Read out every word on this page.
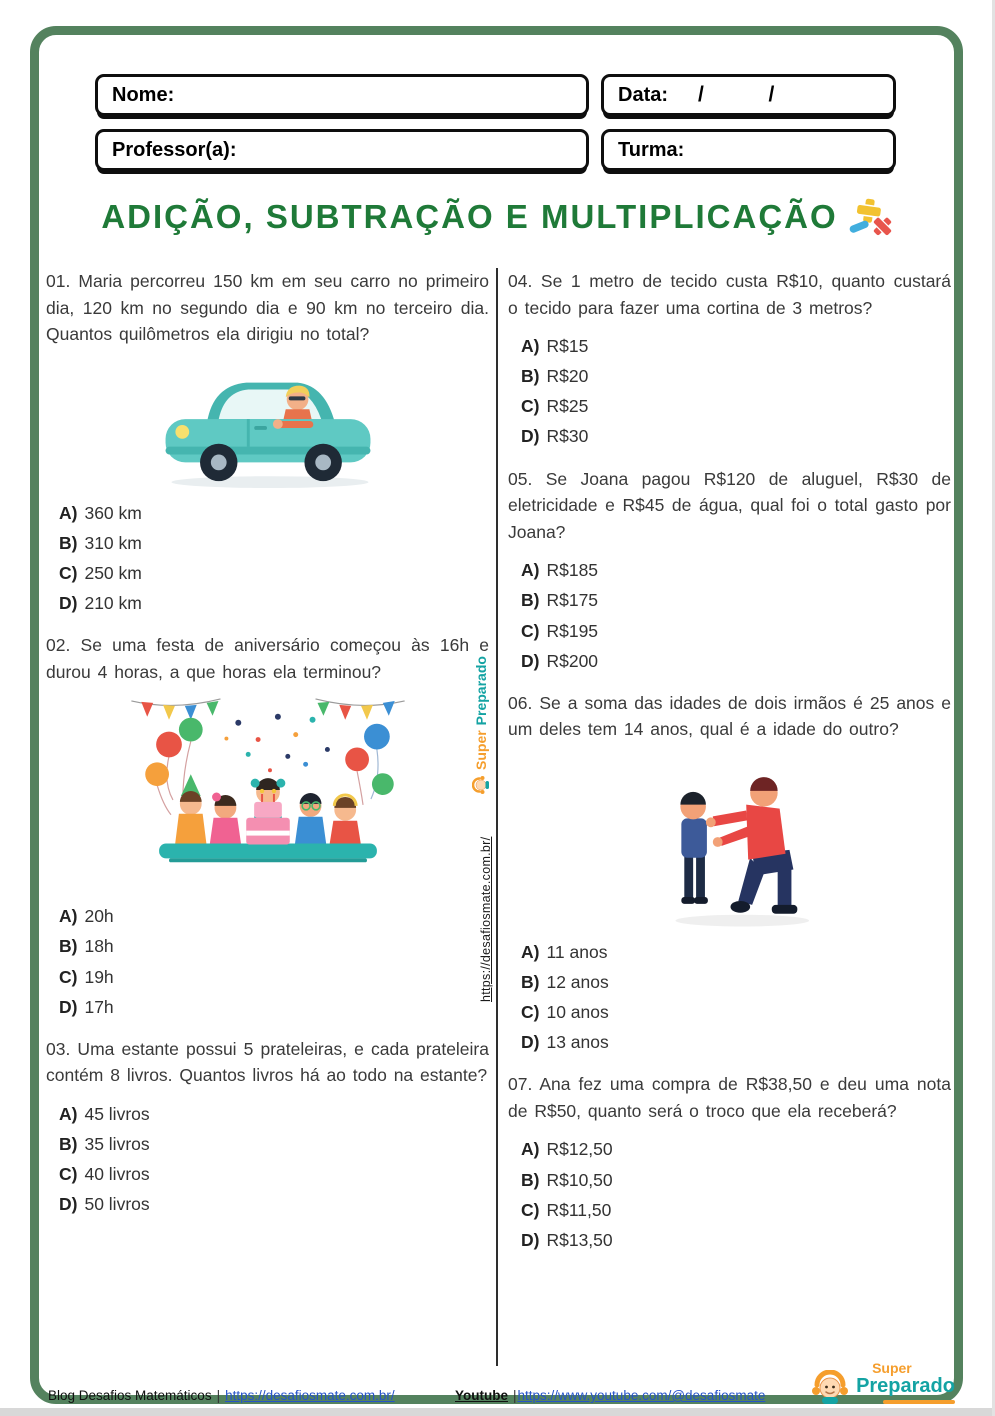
Nome:	Data: /        /
Professor(a):	Turma:
ADIÇÃO, SUBTRAÇÃO E MULTIPLICAÇÃO

01. Maria percorreu 150 km em seu carro no primeiro dia, 120 km no segundo dia e 90 km no terceiro dia. Quantos quilômetros ela dirigiu no total?

A) 360 km
B) 310 km
C) 250 km
D) 210 km

02. Se uma festa de aniversário começou às 16h e durou 4 horas, a que horas ela terminou?

A) 20h
B) 18h
C) 19h
D) 17h

03. Uma estante possui 5 prateleiras, e cada prateleira contém 8 livros. Quantos livros há ao todo na estante?

A) 45 livros
B) 35 livros
C) 40 livros
D) 50 livros

04. Se 1 metro de tecido custa R$10, quanto custará o tecido para fazer uma cortina de 3 metros?

A) R$15
B) R$20
C) R$25
D) R$30

05. Se Joana pagou R$120 de aluguel, R$30 de eletricidade e R$45 de água, qual foi o total gasto por Joana?

A) R$185
B) R$175
C) R$195
D) R$200

06. Se a soma das idades de dois irmãos é 25 anos e um deles tem 14 anos, qual é a idade do outro?

A) 11 anos
B) 12 anos
C) 10 anos
D) 13 anos

07. Ana fez uma compra de R$38,50 e deu uma nota de R$50, quanto será o troco que ela receberá?

A) R$12,50
B) R$10,50
C) R$11,50
D) R$13,50
Super
Preparado
https://desafiosmate.com.br/
Super
Preparado
Blog Desafios Matemáticos | https://desafiosmate.com.br/	Youtube |https://www.youtube.com/@desafiosmate
